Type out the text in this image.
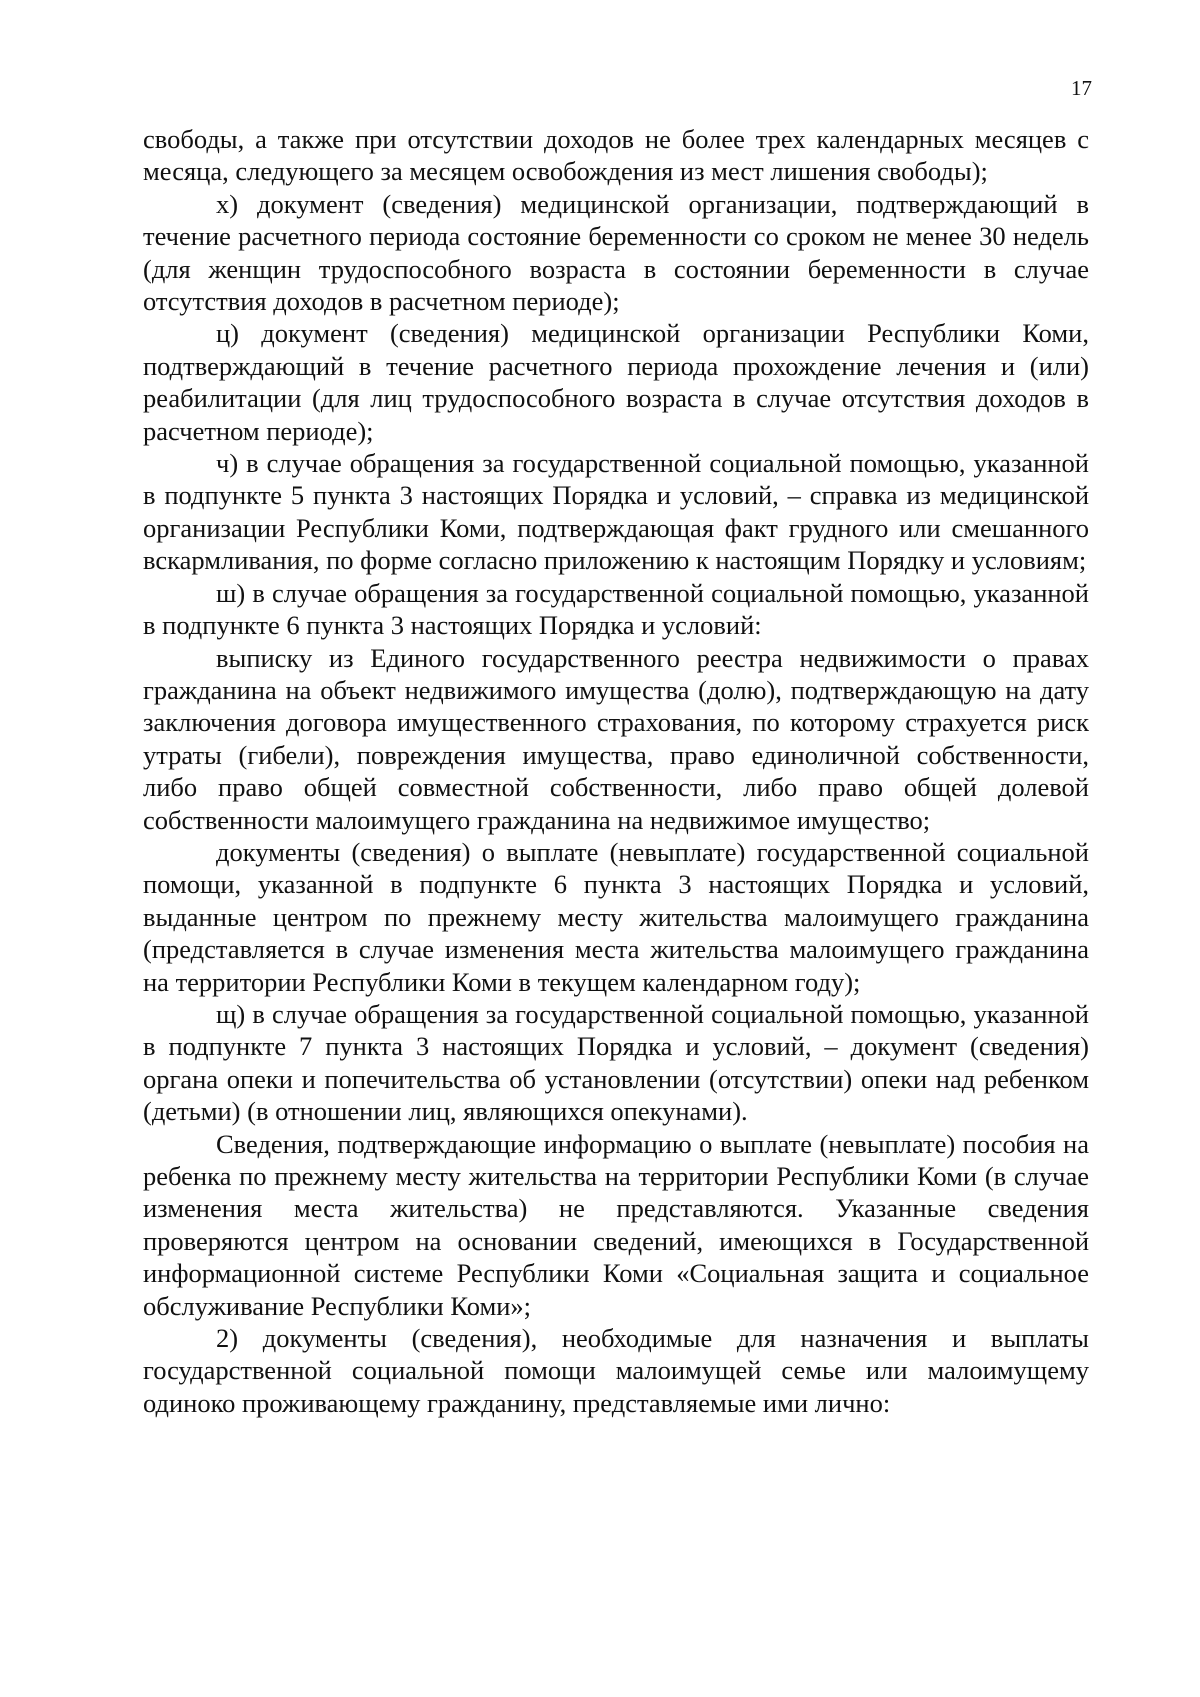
17

свободы, а также при отсутствии доходов не более трех календарных месяцев с месяца, следующего за месяцем освобождения из мест лишения свободы);

х) документ (сведения) медицинской организации, подтверждающий в течение расчетного периода состояние беременности со сроком не менее 30 недель (для женщин трудоспособного возраста в состоянии беременности в случае отсутствия доходов в расчетном периоде);

ц) документ (сведения) медицинской организации Республики Коми, подтверждающий в течение расчетного периода прохождение лечения и (или) реабилитации (для лиц трудоспособного возраста в случае отсутствия доходов в расчетном периоде);

ч) в случае обращения за государственной социальной помощью, указанной в подпункте 5 пункта 3 настоящих Порядка и условий, – справка из медицинской организации Республики Коми, подтверждающая факт грудного или смешанного вскармливания, по форме согласно приложению к настоящим Порядку и условиям;

ш) в случае обращения за государственной социальной помощью, указанной в подпункте 6 пункта 3 настоящих Порядка и условий:

выписку из Единого государственного реестра недвижимости о правах гражданина на объект недвижимого имущества (долю), подтверждающую на дату заключения договора имущественного страхования, по которому страхуется риск утраты (гибели), повреждения имущества, право единоличной собственности, либо право общей совместной собственности, либо право общей долевой собственности малоимущего гражданина на недвижимое имущество;

документы (сведения) о выплате (невыплате) государственной социальной помощи, указанной в подпункте 6 пункта 3 настоящих Порядка и условий, выданные центром по прежнему месту жительства малоимущего гражданина (представляется в случае изменения места жительства малоимущего гражданина на территории Республики Коми в текущем календарном году);

щ) в случае обращения за государственной социальной помощью, указанной в подпункте 7 пункта 3 настоящих Порядка и условий, – документ (сведения) органа опеки и попечительства об установлении (отсутствии) опеки над ребенком (детьми) (в отношении лиц, являющихся опекунами).

Сведения, подтверждающие информацию о выплате (невыплате) пособия на ребенка по прежнему месту жительства на территории Республики Коми (в случае изменения места жительства) не представляются. Указанные сведения проверяются центром на основании сведений, имеющихся в Государственной информационной системе Республики Коми «Социальная защита и социальное обслуживание Республики Коми»;

2) документы (сведения), необходимые для назначения и выплаты государственной социальной помощи малоимущей семье или малоимущему одиноко проживающему гражданину, представляемые ими лично:
